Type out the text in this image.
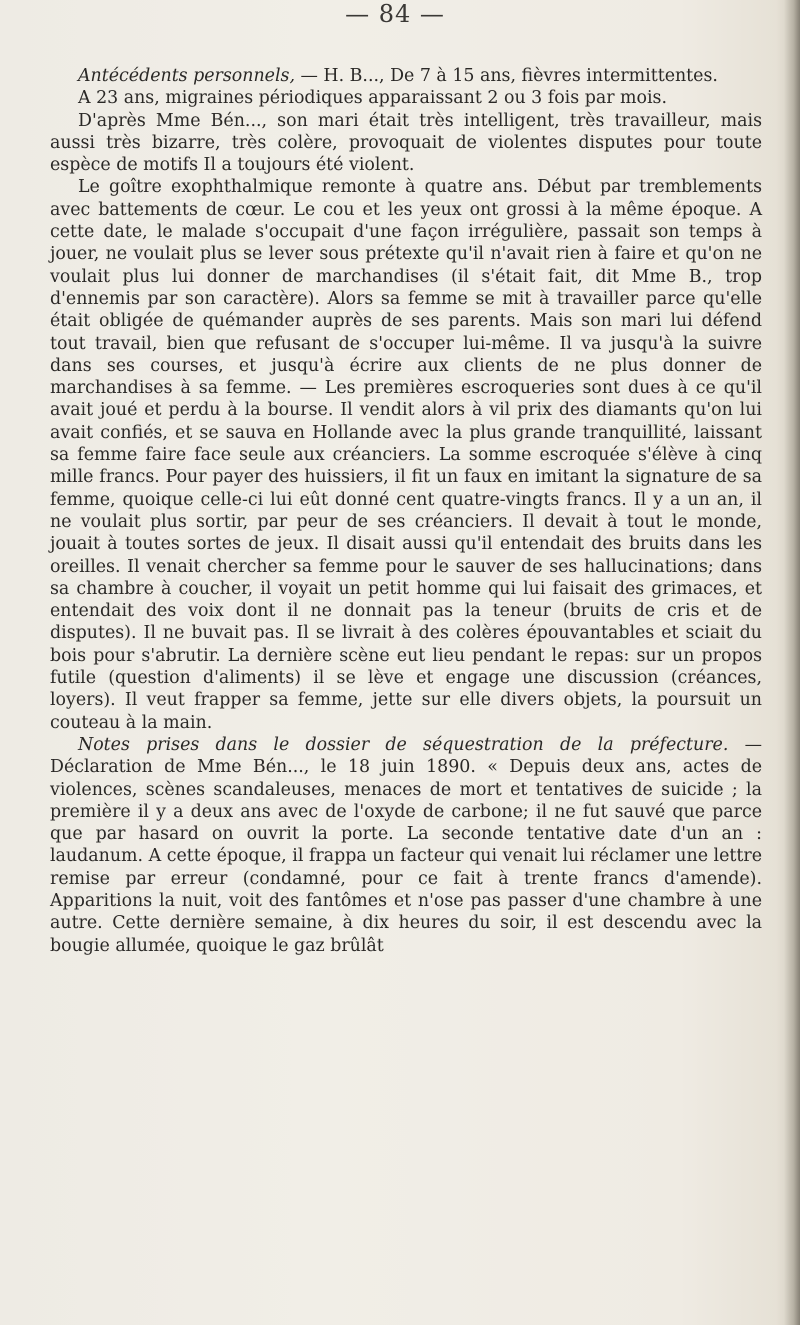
— 84 —

Antécédents personnels, — H. B..., De 7 à 15 ans, fièvres intermittentes.

A 23 ans, migraines périodiques apparaissant 2 ou 3 fois par mois.

D'après Mme Bén..., son mari était très intelligent, très travailleur, mais aussi très bizarre, très colère, provoquait de violentes disputes pour toute espèce de motifs Il a toujours été violent.

Le goître exophthalmique remonte à quatre ans. Début par tremblements avec battements de cœur. Le cou et les yeux ont grossi à la même époque. A cette date, le malade s'occupait d'une façon irrégulière, passait son temps à jouer, ne voulait plus se lever sous prétexte qu'il n'avait rien à faire et qu'on ne voulait plus lui donner de marchandises (il s'était fait, dit Mme B., trop d'ennemis par son caractère). Alors sa femme se mit à travailler parce qu'elle était obligée de quémander auprès de ses parents. Mais son mari lui défend tout travail, bien que refusant de s'occuper lui-même. Il va jusqu'à la suivre dans ses courses, et jusqu'à écrire aux clients de ne plus donner de marchandises à sa femme. — Les premières escroqueries sont dues à ce qu'il avait joué et perdu à la bourse. Il vendit alors à vil prix des diamants qu'on lui avait confiés, et se sauva en Hollande avec la plus grande tranquillité, laissant sa femme faire face seule aux créanciers. La somme escroquée s'élève à cinq mille francs. Pour payer des huissiers, il fit un faux en imitant la signature de sa femme, quoique celle-ci lui eût donné cent quatre-vingts francs. Il y a un an, il ne voulait plus sortir, par peur de ses créanciers. Il devait à tout le monde, jouait à toutes sortes de jeux. Il disait aussi qu'il entendait des bruits dans les oreilles. Il venait chercher sa femme pour le sauver de ses hallucinations; dans sa chambre à coucher, il voyait un petit homme qui lui faisait des grimaces, et entendait des voix dont il ne donnait pas la teneur (bruits de cris et de disputes). Il ne buvait pas. Il se livrait à des colères épouvantables et sciait du bois pour s'abrutir. La dernière scène eut lieu pendant le repas: sur un propos futile (question d'aliments) il se lève et engage une discussion (créances, loyers). Il veut frapper sa femme, jette sur elle divers objets, la poursuit un couteau à la main.

Notes prises dans le dossier de séquestration de la préfecture. — Déclaration de Mme Bén..., le 18 juin 1890. « Depuis deux ans, actes de violences, scènes scandaleuses, menaces de mort et tentatives de suicide ; la première il y a deux ans avec de l'oxyde de carbone; il ne fut sauvé que parce que par hasard on ouvrit la porte. La seconde tentative date d'un an : laudanum. A cette époque, il frappa un facteur qui venait lui réclamer une lettre remise par erreur (condamné, pour ce fait à trente francs d'amende). Apparitions la nuit, voit des fantômes et n'ose pas passer d'une chambre à une autre. Cette dernière semaine, à dix heures du soir, il est descendu avec la bougie allumée, quoique le gaz brûlât
